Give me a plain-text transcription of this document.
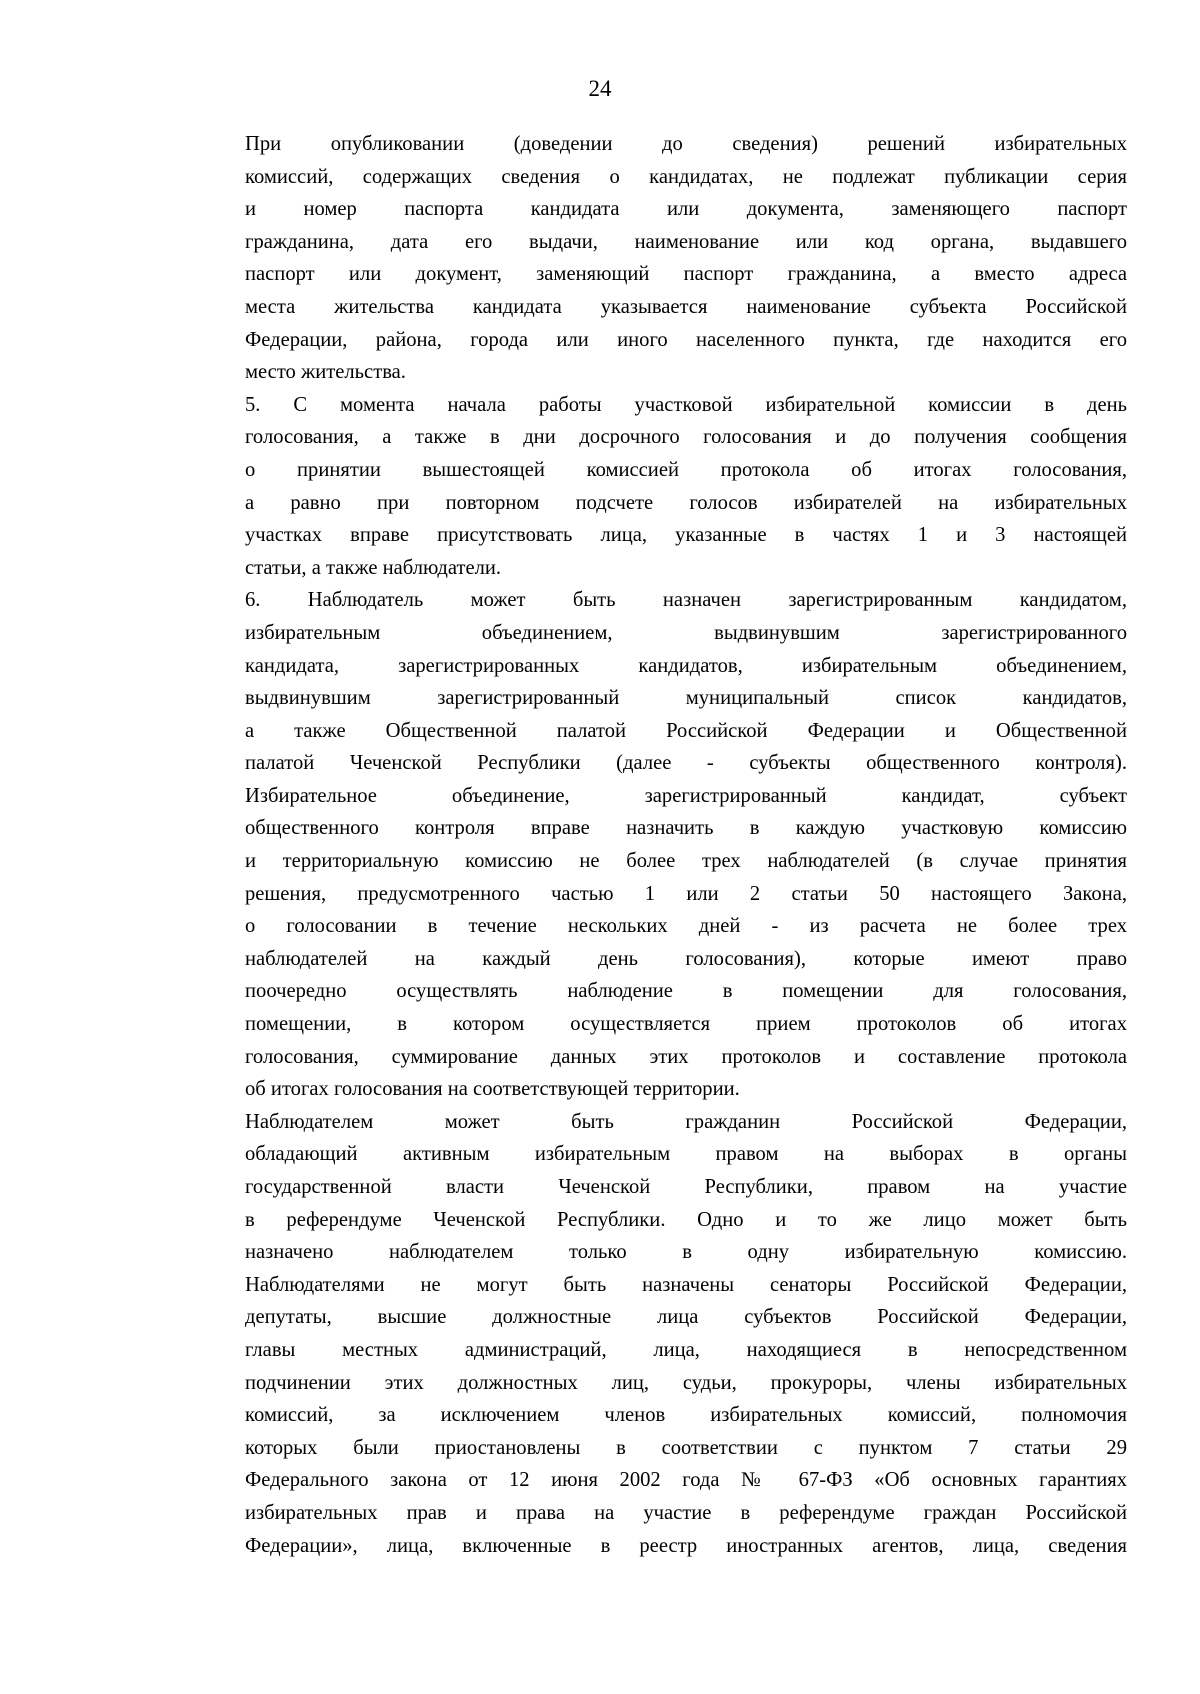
24

При опубликовании (доведении до сведения) решений избирательных
комиссий, содержащих сведения о кандидатах, не подлежат публикации серия
и номер паспорта кандидата или документа, заменяющего паспорт
гражданина, дата его выдачи, наименование или код органа, выдавшего
паспорт или документ, заменяющий паспорт гражданина, а вместо адреса
места жительства кандидата указывается наименование субъекта Российской
Федерации, района, города или иного населенного пункта, где находится его
место жительства.

5. С момента начала работы участковой избирательной комиссии в день
голосования, а также в дни досрочного голосования и до получения сообщения
о принятии вышестоящей комиссией протокола об итогах голосования,
а равно при повторном подсчете голосов избирателей на избирательных
участках вправе присутствовать лица, указанные в частях 1 и 3 настоящей
статьи, а также наблюдатели.

6. Наблюдатель может быть назначен зарегистрированным кандидатом,
избирательным объединением, выдвинувшим зарегистрированного
кандидата, зарегистрированных кандидатов, избирательным объединением,
выдвинувшим зарегистрированный муниципальный список кандидатов,
а также Общественной палатой Российской Федерации и Общественной
палатой Чеченской Республики (далее - субъекты общественного контроля).
Избирательное объединение, зарегистрированный кандидат, субъект
общественного контроля вправе назначить в каждую участковую комиссию
и территориальную комиссию не более трех наблюдателей (в случае принятия
решения, предусмотренного частью 1 или 2 статьи 50 настоящего Закона,
о голосовании в течение нескольких дней - из расчета не более трех
наблюдателей на каждый день голосования), которые имеют право
поочередно осуществлять наблюдение в помещении для голосования,
помещении, в котором осуществляется прием протоколов об итогах
голосования, суммирование данных этих протоколов и составление протокола
об итогах голосования на соответствующей территории.

Наблюдателем может быть гражданин Российской Федерации,
обладающий активным избирательным правом на выборах в органы
государственной власти Чеченской Республики, правом на участие
в референдуме Чеченской Республики. Одно и то же лицо может быть
назначено наблюдателем только в одну избирательную комиссию.
Наблюдателями не могут быть назначены сенаторы Российской Федерации,
депутаты, высшие должностные лица субъектов Российской Федерации,
главы местных администраций, лица, находящиеся в непосредственном
подчинении этих должностных лиц, судьи, прокуроры, члены избирательных
комиссий, за исключением членов избирательных комиссий, полномочия
которых были приостановлены в соответствии с пунктом 7 статьи 29
Федерального закона от 12 июня 2002 года № 67-ФЗ «Об основных гарантиях
избирательных прав и права на участие в референдуме граждан Российской
Федерации», лица, включенные в реестр иностранных агентов, лица, сведения
